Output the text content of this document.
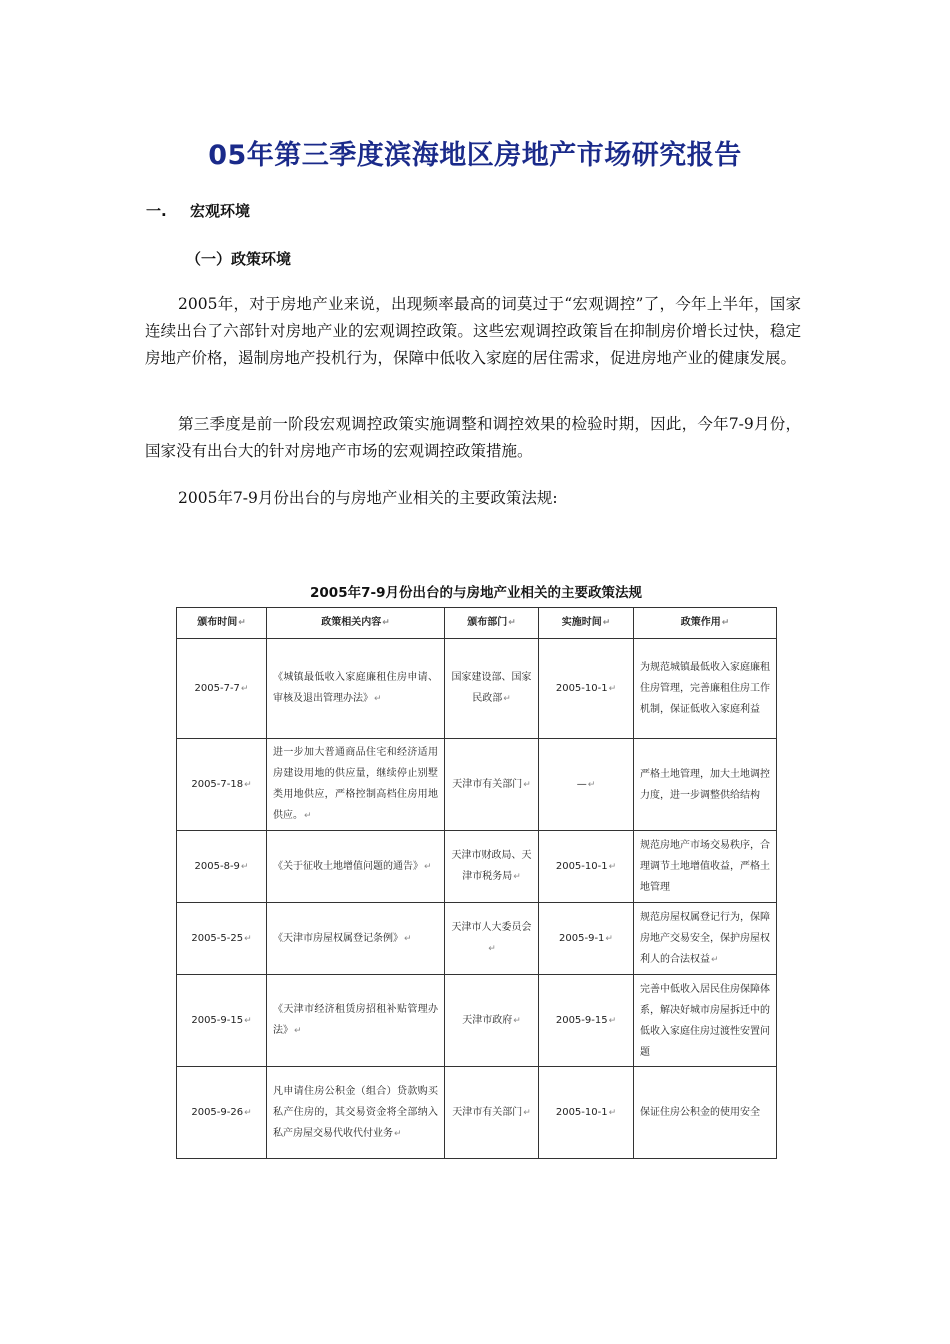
05年第三季度滨海地区房地产市场研究报告
一. 宏观环境
（一）政策环境

2005年，对于房地产业来说，出现频率最高的词莫过于“宏观调控”了，今年上半年，国家连续出台了六部针对房地产业的宏观调控政策。这些宏观调控政策旨在抑制房价增长过快，稳定房地产价格，遏制房地产投机行为，保障中低收入家庭的居住需求，促进房地产业的健康发展。

第三季度是前一阶段宏观调控政策实施调整和调控效果的检验时期，因此，今年7-9月份，国家没有出台大的针对房地产市场的宏观调控政策措施。

2005年7-9月份出台的与房地产业相关的主要政策法规:

2005年7-9月份出台的与房地产业相关的主要政策法规
颁布时间↵	政策相关内容↵	颁布部门↵	实施时间↵	政策作用↵
2005-7-7↵	《城镇最低收入家庭廉租住房申请、审核及退出管理办法》↵	国家建设部、国家民政部↵	2005-10-1↵	为规范城镇最低收入家庭廉租住房管理，完善廉租住房工作机制，保证低收入家庭利益
2005-7-18↵	进一步加大普通商品住宅和经济适用房建设用地的供应量，继续停止别墅类用地供应，严格控制高档住房用地供应。↵	天津市有关部门↵	—↵	严格土地管理，加大土地调控力度，进一步调整供给结构
2005-8-9↵	《关于征收土地增值问题的通告》↵	天津市财政局、天津市税务局↵	2005-10-1↵	规范房地产市场交易秩序，合理调节土地增值收益，严格土地管理
2005-5-25↵	《天津市房屋权属登记条例》↵	天津市人大委员会↵	2005-9-1↵	规范房屋权属登记行为，保障房地产交易安全，保护房屋权利人的合法权益↵
2005-9-15↵	《天津市经济租赁房招租补贴管理办法》↵	天津市政府↵	2005-9-15↵	完善中低收入居民住房保障体系，解决好城市房屋拆迁中的低收入家庭住房过渡性安置问题
2005-9-26↵	凡申请住房公积金（组合）贷款购买私产住房的，其交易资金将全部纳入私产房屋交易代收代付业务↵	天津市有关部门↵	2005-10-1↵	保证住房公积金的使用安全
